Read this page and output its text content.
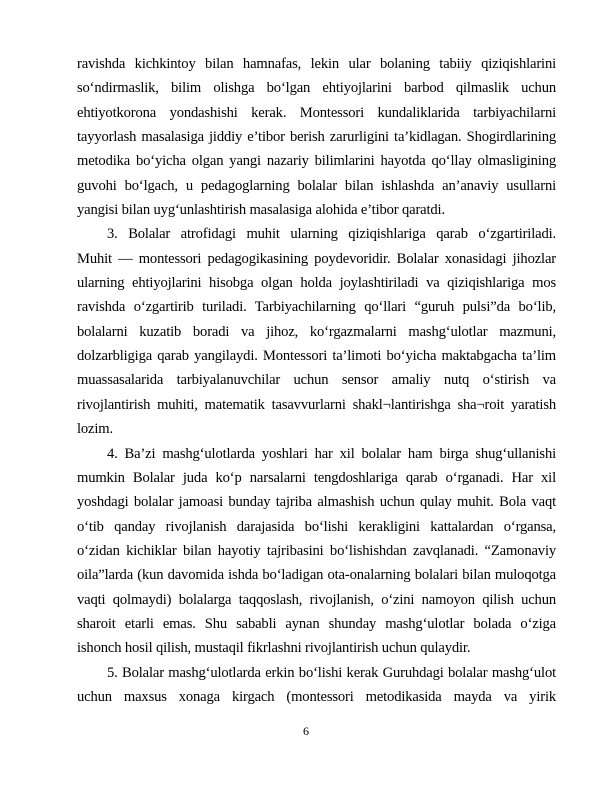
ravishda kichkintoy bilan hamnafas, lekin ular bolaning tabiiy qiziqishlarini
so‘ndirmaslik, bilim olishga bo‘lgan ehtiyojlarini barbod qilmaslik uchun
ehtiyotkorona yondashishi kerak. Montessori kundaliklarida tarbiyachilarni
tayyorlash masalasiga jiddiy e’tibor berish zarurligini ta’kidlagan. Shogirdlarining
metodika bo‘yicha olgan yangi nazariy bilimlarini hayotda qo‘llay olmasligining
guvohi bo‘lgach, u pedagoglarning bolalar bilan ishlashda an’anaviy usullarni
yangisi bilan uyg‘unlashtirish masalasiga alohida e’tibor qaratdi.
3. Bolalar atrofidagi muhit ularning qiziqishlariga qarab o‘zgartiriladi.
Muhit — montessori pedagogikasining poydevoridir. Bolalar xonasidagi jihozlar
ularning ehtiyojlarini hisobga olgan holda joylashtiriladi va qiziqishlariga mos
ravishda o‘zgartirib turiladi. Tarbiyachilarning qo‘llari “guruh pulsi”da bo‘lib,
bolalarni kuzatib boradi va jihoz, ko‘rgazmalarni mashg‘ulotlar mazmuni,
dolzarbligiga qarab yangilaydi. Montessori ta’limoti bo‘yicha maktabgacha ta’lim
muassasalarida tarbiyalanuvchilar uchun sensor amaliy nutq o‘stirish va
rivojlantirish muhiti, matematik tasavvurlarni shakl¬lantirishga sha¬roit yaratish
lozim.
4. Ba’zi mashg‘ulotlarda yoshlari har xil bolalar ham birga shug‘ullanishi
mumkin Bolalar juda ko‘p narsalarni tengdoshlariga qarab o‘rganadi. Har xil
yoshdagi bolalar jamoasi bunday tajriba almashish uchun qulay muhit. Bola vaqt
o‘tib qanday rivojlanish darajasida bo‘lishi kerakligini kattalardan o‘rgansa,
o‘zidan kichiklar bilan hayotiy tajribasini bo‘lishishdan zavqlanadi. “Zamonaviy
oila”larda (kun davomida ishda bo‘ladigan ota-onalarning bolalari bilan muloqotga
vaqti qolmaydi) bolalarga taqqoslash, rivojlanish, o‘zini namoyon qilish uchun
sharoit etarli emas. Shu sababli aynan shunday mashg‘ulotlar bolada o‘ziga
ishonch hosil qilish, mustaqil fikrlashni rivojlantirish uchun qulaydir.
5. Bolalar mashg‘ulotlarda erkin bo‘lishi kerak Guruhdagi bolalar mashg‘ulot
uchun maxsus xonaga kirgach (montessori metodikasida mayda va yirik
6
